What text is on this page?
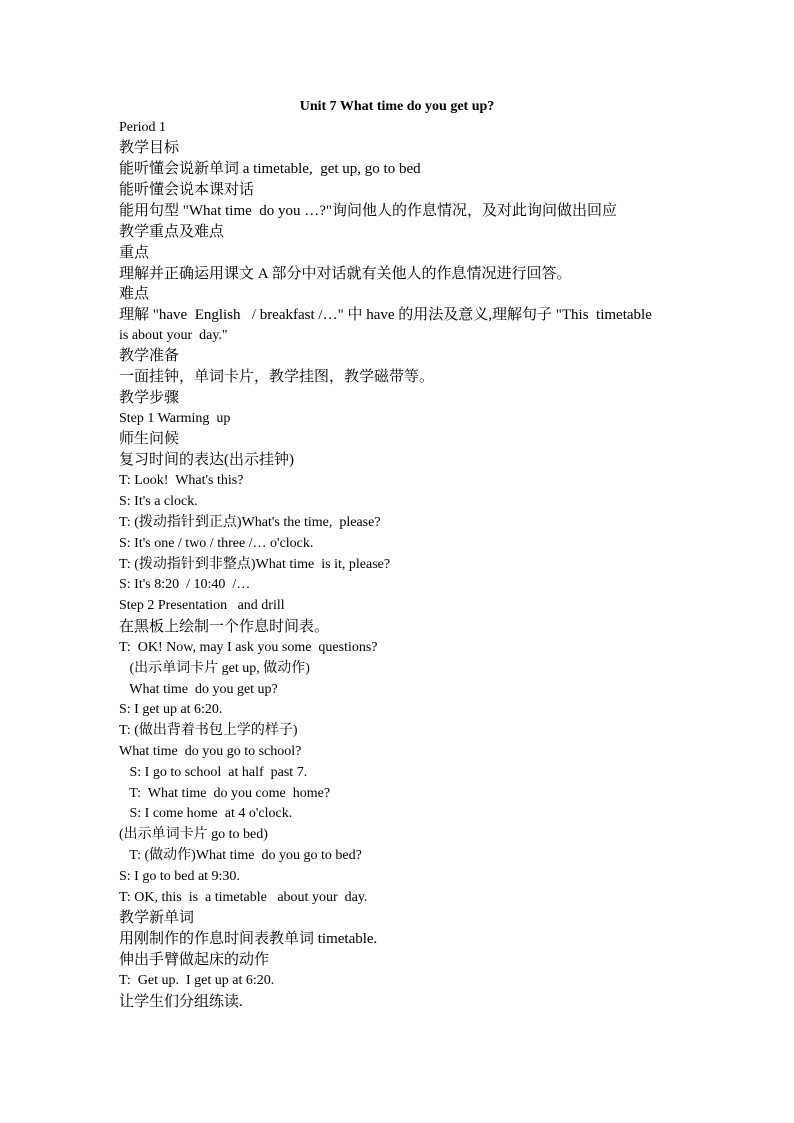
Unit 7 What time do you get up?
Period 1
教学目标
能听懂会说新单词 a timetable,  get up, go to bed
能听懂会说本课对话
能用句型 "What time  do you …?"询问他人的作息情况，及对此询问做出回应
教学重点及难点
重点
理解并正确运用课文 A 部分中对话就有关他人的作息情况进行回答。
难点
理解 "have  English   / breakfast /…" 中 have 的用法及意义,理解句子 "This  timetable
is about your  day."
教学准备
一面挂钟，单词卡片，教学挂图，教学磁带等。
教学步骤
Step 1 Warming  up
师生问候
复习时间的表达(出示挂钟)
T: Look!  What's this?
S: It's a clock.
T: (拨动指针到正点)What's the time,  please?
S: It's one / two / three /… o'clock.
T: (拨动指针到非整点)What time  is it, please?
S: It's 8:20  / 10:40  /…
Step 2 Presentation   and drill
在黑板上绘制一个作息时间表。
T:  OK! Now, may I ask you some  questions?
(出示单词卡片 get up, 做动作)
What time  do you get up?
S: I get up at 6:20.
T: (做出背着书包上学的样子)
What time  do you go to school?
S: I go to school  at half  past 7.
T:  What time  do you come  home?
S: I come home  at 4 o'clock.
(出示单词卡片 go to bed)
T: (做动作)What time  do you go to bed?
S: I go to bed at 9:30.
T: OK, this  is  a timetable   about your  day.
教学新单词
用刚制作的作息时间表教单词 timetable.
伸出手臂做起床的动作
T:  Get up.  I get up at 6:20.
让学生们分组练读.
